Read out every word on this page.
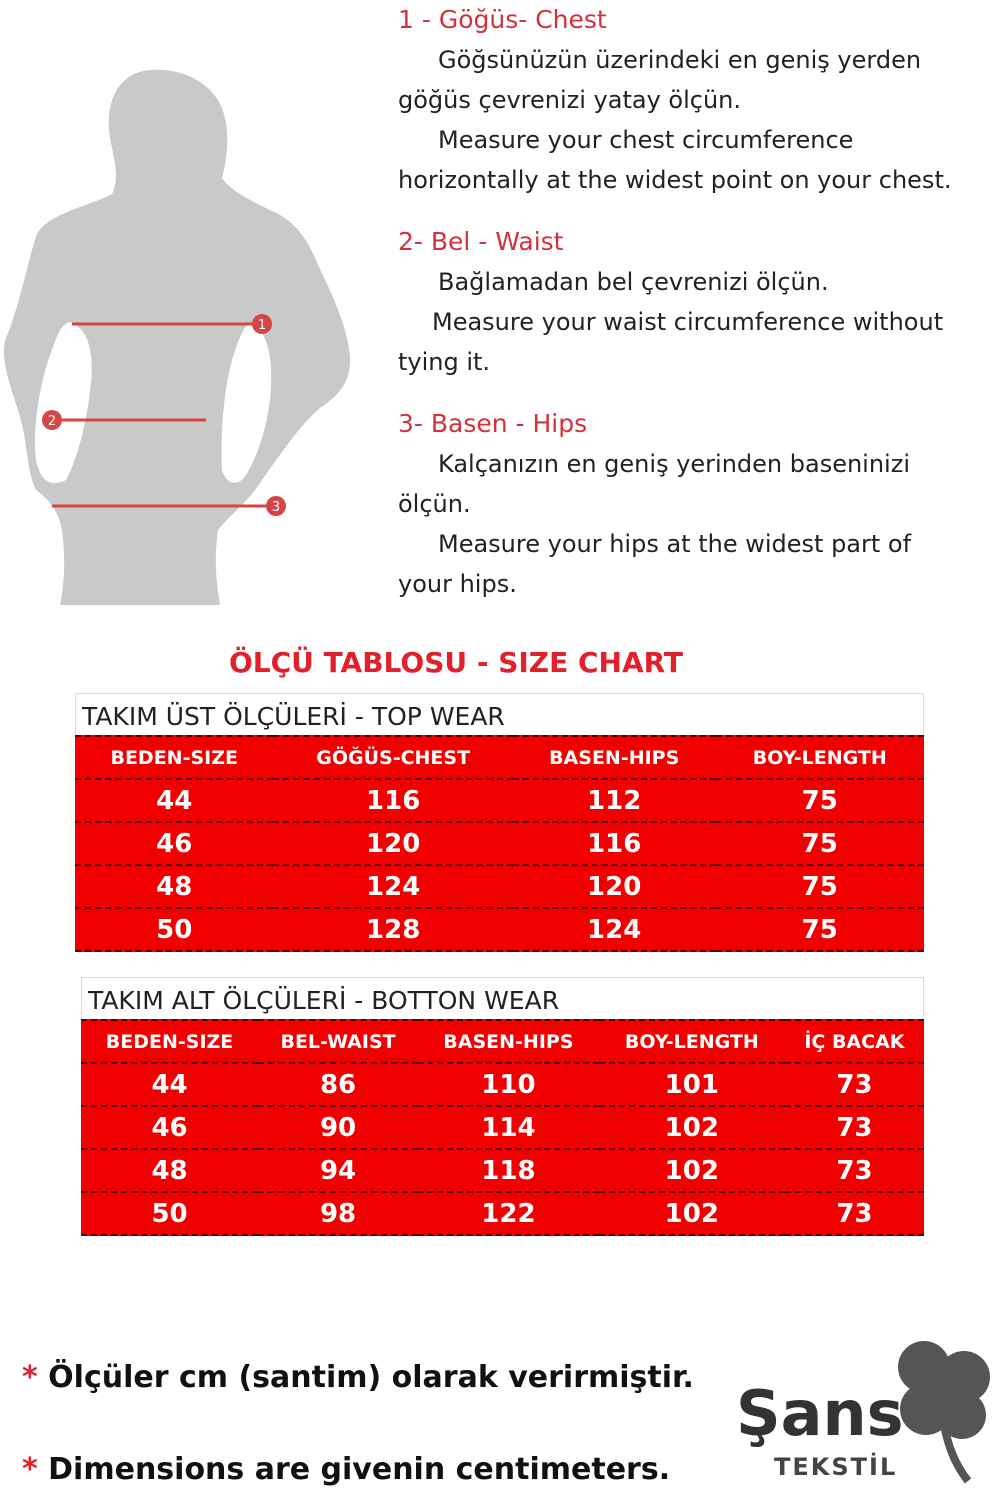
1
2
3
1 - Göğüs- Chest
Göğsünüzün üzerindeki en geniş yerden
göğüs çevrenizi yatay ölçün.
Measure your chest circumference
horizontally at the widest point on your chest.
2- Bel - Waist
Bağlamadan bel çevrenizi ölçün.
Measure your waist circumference without
tying it.
3- Basen - Hips
Kalçanızın en geniş yerinden baseninizi
ölçün.
Measure your hips at the widest part of
your hips.
ÖLÇÜ TABLOSU - SIZE CHART
TAKIM ÜST ÖLÇÜLERİ - TOP WEAR
BEDEN-SIZE	GÖĞÜS-CHEST	BASEN-HIPS	BOY-LENGTH
44	116	112	75
46	120	116	75
48	124	120	75
50	128	124	75
TAKIM ALT ÖLÇÜLERİ - BOTTON WEAR
BEDEN-SIZE	BEL-WAIST	BASEN-HIPS	BOY-LENGTH	İÇ BACAK
44	86	110	101	73
46	90	114	102	73
48	94	118	102	73
50	98	122	102	73
* Ölçüler cm (santim) olarak verirmiştir.
* Dimensions are givenin centimeters.
Şans
TEKSTİL
